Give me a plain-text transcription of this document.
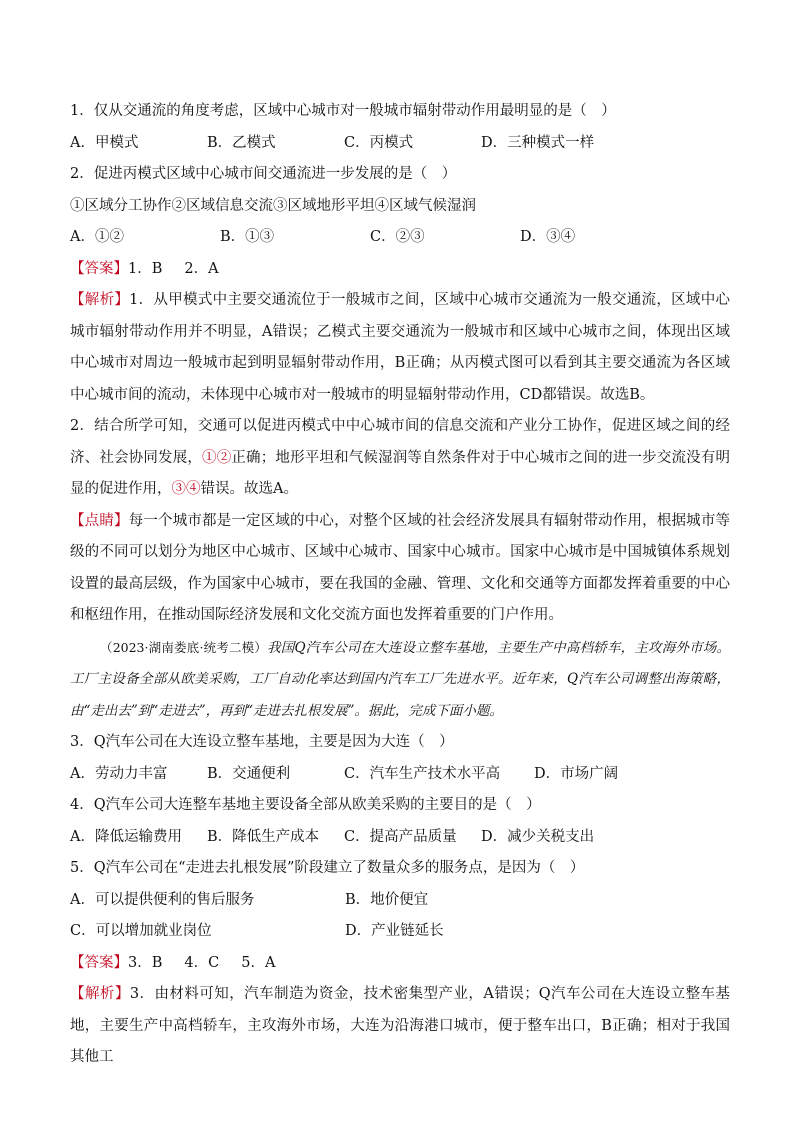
1．仅从交通流的角度考虑，区域中心城市对一般城市辐射带动作用最明显的是（　）
A．甲模式	B．乙模式	C．丙模式	D．三种模式一样
2．促进丙模式区域中心城市间交通流进一步发展的是（　）
①区域分工协作②区域信息交流③区域地形平坦④区域气候湿润
A．①②	B．①③	C．②③	D．③④
【答案】1．B 2．A

【解析】1．从甲模式中主要交通流位于一般城市之间，区域中心城市交通流为一般交通流，区域中心城市辐射带动作用并不明显，A错误；乙模式主要交通流为一般城市和区域中心城市之间，体现出区域中心城市对周边一般城市起到明显辐射带动作用，B正确；从丙模式图可以看到其主要交通流为各区域中心城市间的流动，未体现中心城市对一般城市的明显辐射带动作用，CD都错误。故选B。

2．结合所学可知，交通可以促进丙模式中中心城市间的信息交流和产业分工协作，促进区域之间的经济、社会协同发展，①②正确；地形平坦和气候湿润等自然条件对于中心城市之间的进一步交流没有明显的促进作用，③④错误。故选A。

【点睛】每一个城市都是一定区域的中心，对整个区域的社会经济发展具有辐射带动作用，根据城市等级的不同可以划分为地区中心城市、区域中心城市、国家中心城市。国家中心城市是中国城镇体系规划设置的最高层级，作为国家中心城市，要在我国的金融、管理、文化和交通等方面都发挥着重要的中心和枢纽作用，在推动国际经济发展和文化交流方面也发挥着重要的门户作用。

（2023·湖南娄底·统考二模）我国Q汽车公司在大连设立整车基地，主要生产中高档轿车，主攻海外市场。工厂主设备全部从欧美采购，工厂自动化率达到国内汽车工厂先进水平。近年来，Q汽车公司调整出海策略，由“走出去”到“走进去”，再到“走进去扎根发展”。据此，完成下面小题。

3．Q汽车公司在大连设立整车基地，主要是因为大连（　）
A．劳动力丰富	B．交通便利	C．汽车生产技术水平高 D．市场广阔
4．Q汽车公司大连整车基地主要设备全部从欧美采购的主要目的是（　）
A．降低运输费用	B．降低生产成本	C．提高产品质量	D．减少关税支出
5．Q汽车公司在“走进去扎根发展”阶段建立了数量众多的服务点，是因为（　）
A．可以提供便利的售后服务	B．地价便宜
C．可以增加就业岗位	D．产业链延长
【答案】3．B 4．C 5．A

【解析】3．由材料可知，汽车制造为资金，技术密集型产业，A错误；Q汽车公司在大连设立整车基地，主要生产中高档轿车，主攻海外市场，大连为沿海港口城市，便于整车出口，B正确；相对于我国其他工
